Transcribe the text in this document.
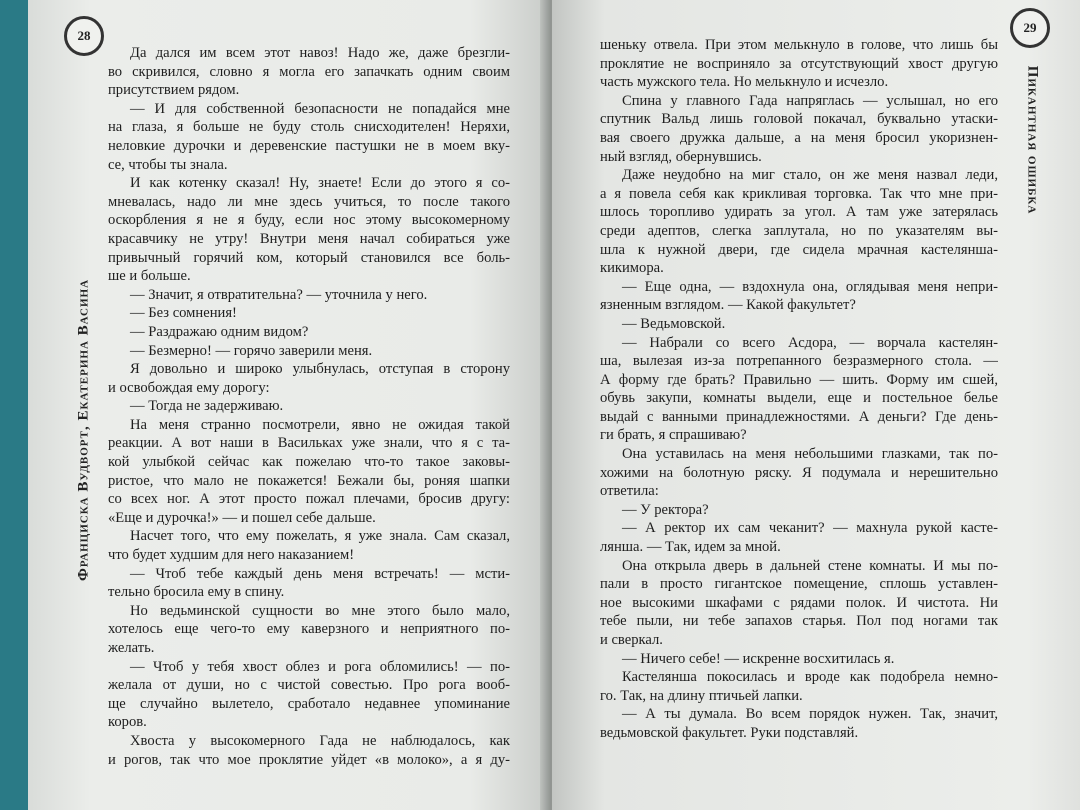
28
Франциска Вудворт, Екатерина Васина
Да дался им всем этот навоз! Надо же, даже брезгли-
во скривился, словно я могла его запачкать одним своим
присутствием рядом.
— И для собственной безопасности не попадайся мне
на глаза, я больше не буду столь снисходителен! Неряхи,
неловкие дурочки и деревенские пастушки не в моем вку-
се, чтобы ты знала.
И как котенку сказал! Ну, знаете! Если до этого я со-
мневалась, надо ли мне здесь учиться, то после такого
оскорбления я не я буду, если нос этому высокомерному
красавчику не утру! Внутри меня начал собираться уже
привычный горячий ком, который становился все боль-
ше и больше.
— Значит, я отвратительна? — уточнила у него.
— Без сомнения!
— Раздражаю одним видом?
— Безмерно! — горячо заверили меня.
Я довольно и широко улыбнулась, отступая в сторону
и освобождая ему дорогу:
— Тогда не задерживаю.
На меня странно посмотрели, явно не ожидая такой
реакции. А вот наши в Васильках уже знали, что я с та-
кой улыбкой сейчас как пожелаю что-то такое заковы-
ристое, что мало не покажется! Бежали бы, роняя шапки
со всех ног. А этот просто пожал плечами, бросив другу:
«Еще и дурочка!» — и пошел себе дальше.
Насчет того, что ему пожелать, я уже знала. Сам сказал,
что будет худшим для него наказанием!
— Чтоб тебе каждый день меня встречать! — мсти-
тельно бросила ему в спину.
Но ведьминской сущности во мне этого было мало,
хотелось еще чего-то ему каверзного и неприятного по-
желать.
— Чтоб у тебя хвост облез и рога обломились! — по-
желала от души, но с чистой совестью. Про рога вооб-
ще случайно вылетело, сработало недавнее упоминание
коров.
Хвоста у высокомерного Гада не наблюдалось, как
и рогов, так что мое проклятие уйдет «в молоко», а я ду-
29
Пикантная ошибка
шеньку отвела. При этом мелькнуло в голове, что лишь бы
проклятие не восприняло за отсутствующий хвост другую
часть мужского тела. Но мелькнуло и исчезло.
Спина у главного Гада напряглась — услышал, но его
спутник Вальд лишь головой покачал, буквально утаски-
вая своего дружка дальше, а на меня бросил укоризнен-
ный взгляд, обернувшись.
Даже неудобно на миг стало, он же меня назвал леди,
а я повела себя как крикливая торговка. Так что мне при-
шлось торопливо удирать за угол. А там уже затерялась
среди адептов, слегка заплутала, но по указателям вы-
шла к нужной двери, где сидела мрачная кастелянша-
кикимора.
— Еще одна, — вздохнула она, оглядывая меня непри-
язненным взглядом. — Какой факультет?
— Ведьмовской.
— Набрали со всего Асдора, — ворчала кастелян-
ша, вылезая из-за потрепанного безразмерного стола. —
А форму где брать? Правильно — шить. Форму им сшей,
обувь закупи, комнаты выдели, еще и постельное белье
выдай с ванными принадлежностями. А деньги? Где день-
ги брать, я спрашиваю?
Она уставилась на меня небольшими глазками, так по-
хожими на болотную ряску. Я подумала и нерешительно
ответила:
— У ректора?
— А ректор их сам чеканит? — махнула рукой касте-
лянша. — Так, идем за мной.
Она открыла дверь в дальней стене комнаты. И мы по-
пали в просто гигантское помещение, сплошь уставлен-
ное высокими шкафами с рядами полок. И чистота. Ни
тебе пыли, ни тебе запахов старья. Пол под ногами так
и сверкал.
— Ничего себе! — искренне восхитилась я.
Кастелянша покосилась и вроде как подобрела немно-
го. Так, на длину птичьей лапки.
— А ты думала. Во всем порядок нужен. Так, значит,
ведьмовской факультет. Руки подставляй.
